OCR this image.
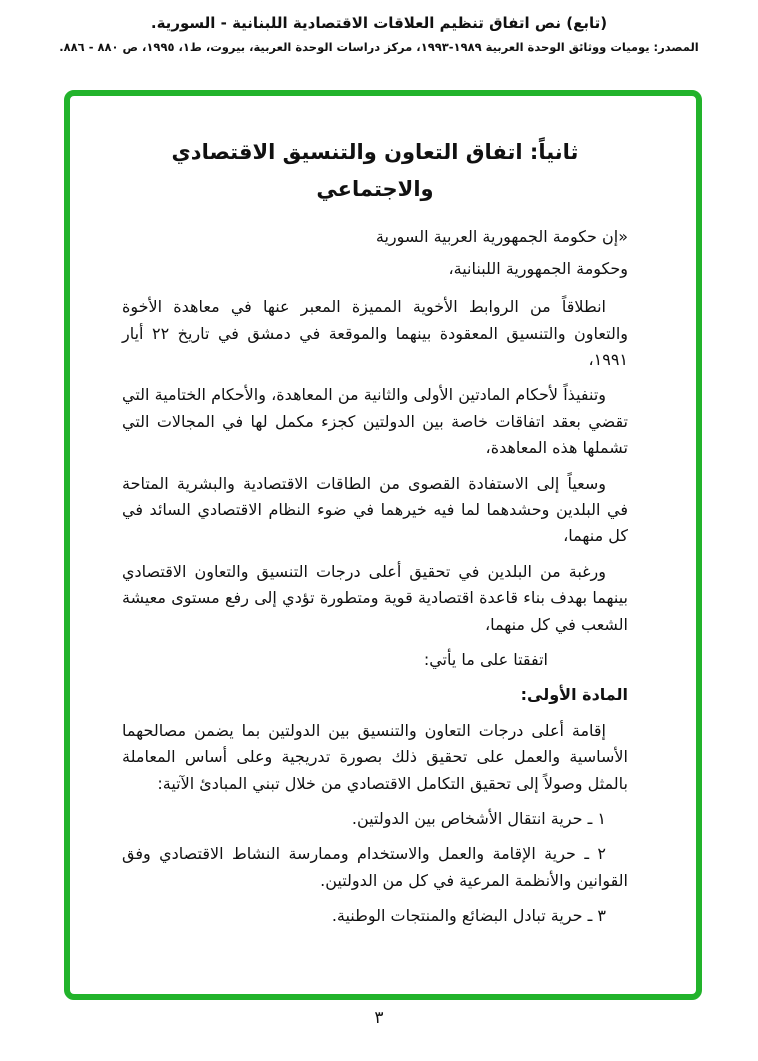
(تابع) نص اتفاق تنظيم العلاقات الاقتصادية اللبنانية - السورية.
المصدر: يوميات ووثائق الوحدة العربية ١٩٨٩-١٩٩٣، مركز دراسات الوحدة العربية، بيروت، ط١، ١٩٩٥، ص ٨٨٠ - ٨٨٦.
ثانياً: اتفاق التعاون والتنسيق الاقتصادي
والاجتماعي
«إن حكومة الجمهورية العربية السورية
وحكومة الجمهورية اللبنانية،

انطلاقاً من الروابط الأخوية المميزة المعبر عنها في معاهدة الأخوة والتعاون والتنسيق المعقودة بينهما والموقعة في دمشق في تاريخ ٢٢ أيار ١٩٩١،

وتنفيذاً لأحكام المادتين الأولى والثانية من المعاهدة، والأحكام الختامية التي تقضي بعقد اتفاقات خاصة بين الدولتين كجزء مكمل لها في المجالات التي تشملها هذه المعاهدة،

وسعياً إلى الاستفادة القصوى من الطاقات الاقتصادية والبشرية المتاحة في البلدين وحشدهما لما فيه خيرهما في ضوء النظام الاقتصادي السائد في كل منهما،

ورغبة من البلدين في تحقيق أعلى درجات التنسيق والتعاون الاقتصادي بينهما بهدف بناء قاعدة اقتصادية قوية ومتطورة تؤدي إلى رفع مستوى معيشة الشعب في كل منهما،

اتفقتا على ما يأتي:
المادة الأولى:

إقامة أعلى درجات التعاون والتنسيق بين الدولتين بما يضمن مصالحهما الأساسية والعمل على تحقيق ذلك بصورة تدريجية وعلى أساس المعاملة بالمثل وصولاً إلى تحقيق التكامل الاقتصادي من خلال تبني المبادئ الآتية:

١ ـ حرية انتقال الأشخاص بين الدولتين.

٢ ـ حرية الإقامة والعمل والاستخدام وممارسة النشاط الاقتصادي وفق القوانين والأنظمة المرعية في كل من الدولتين.

٣ ـ حرية تبادل البضائع والمنتجات الوطنية.

٣
